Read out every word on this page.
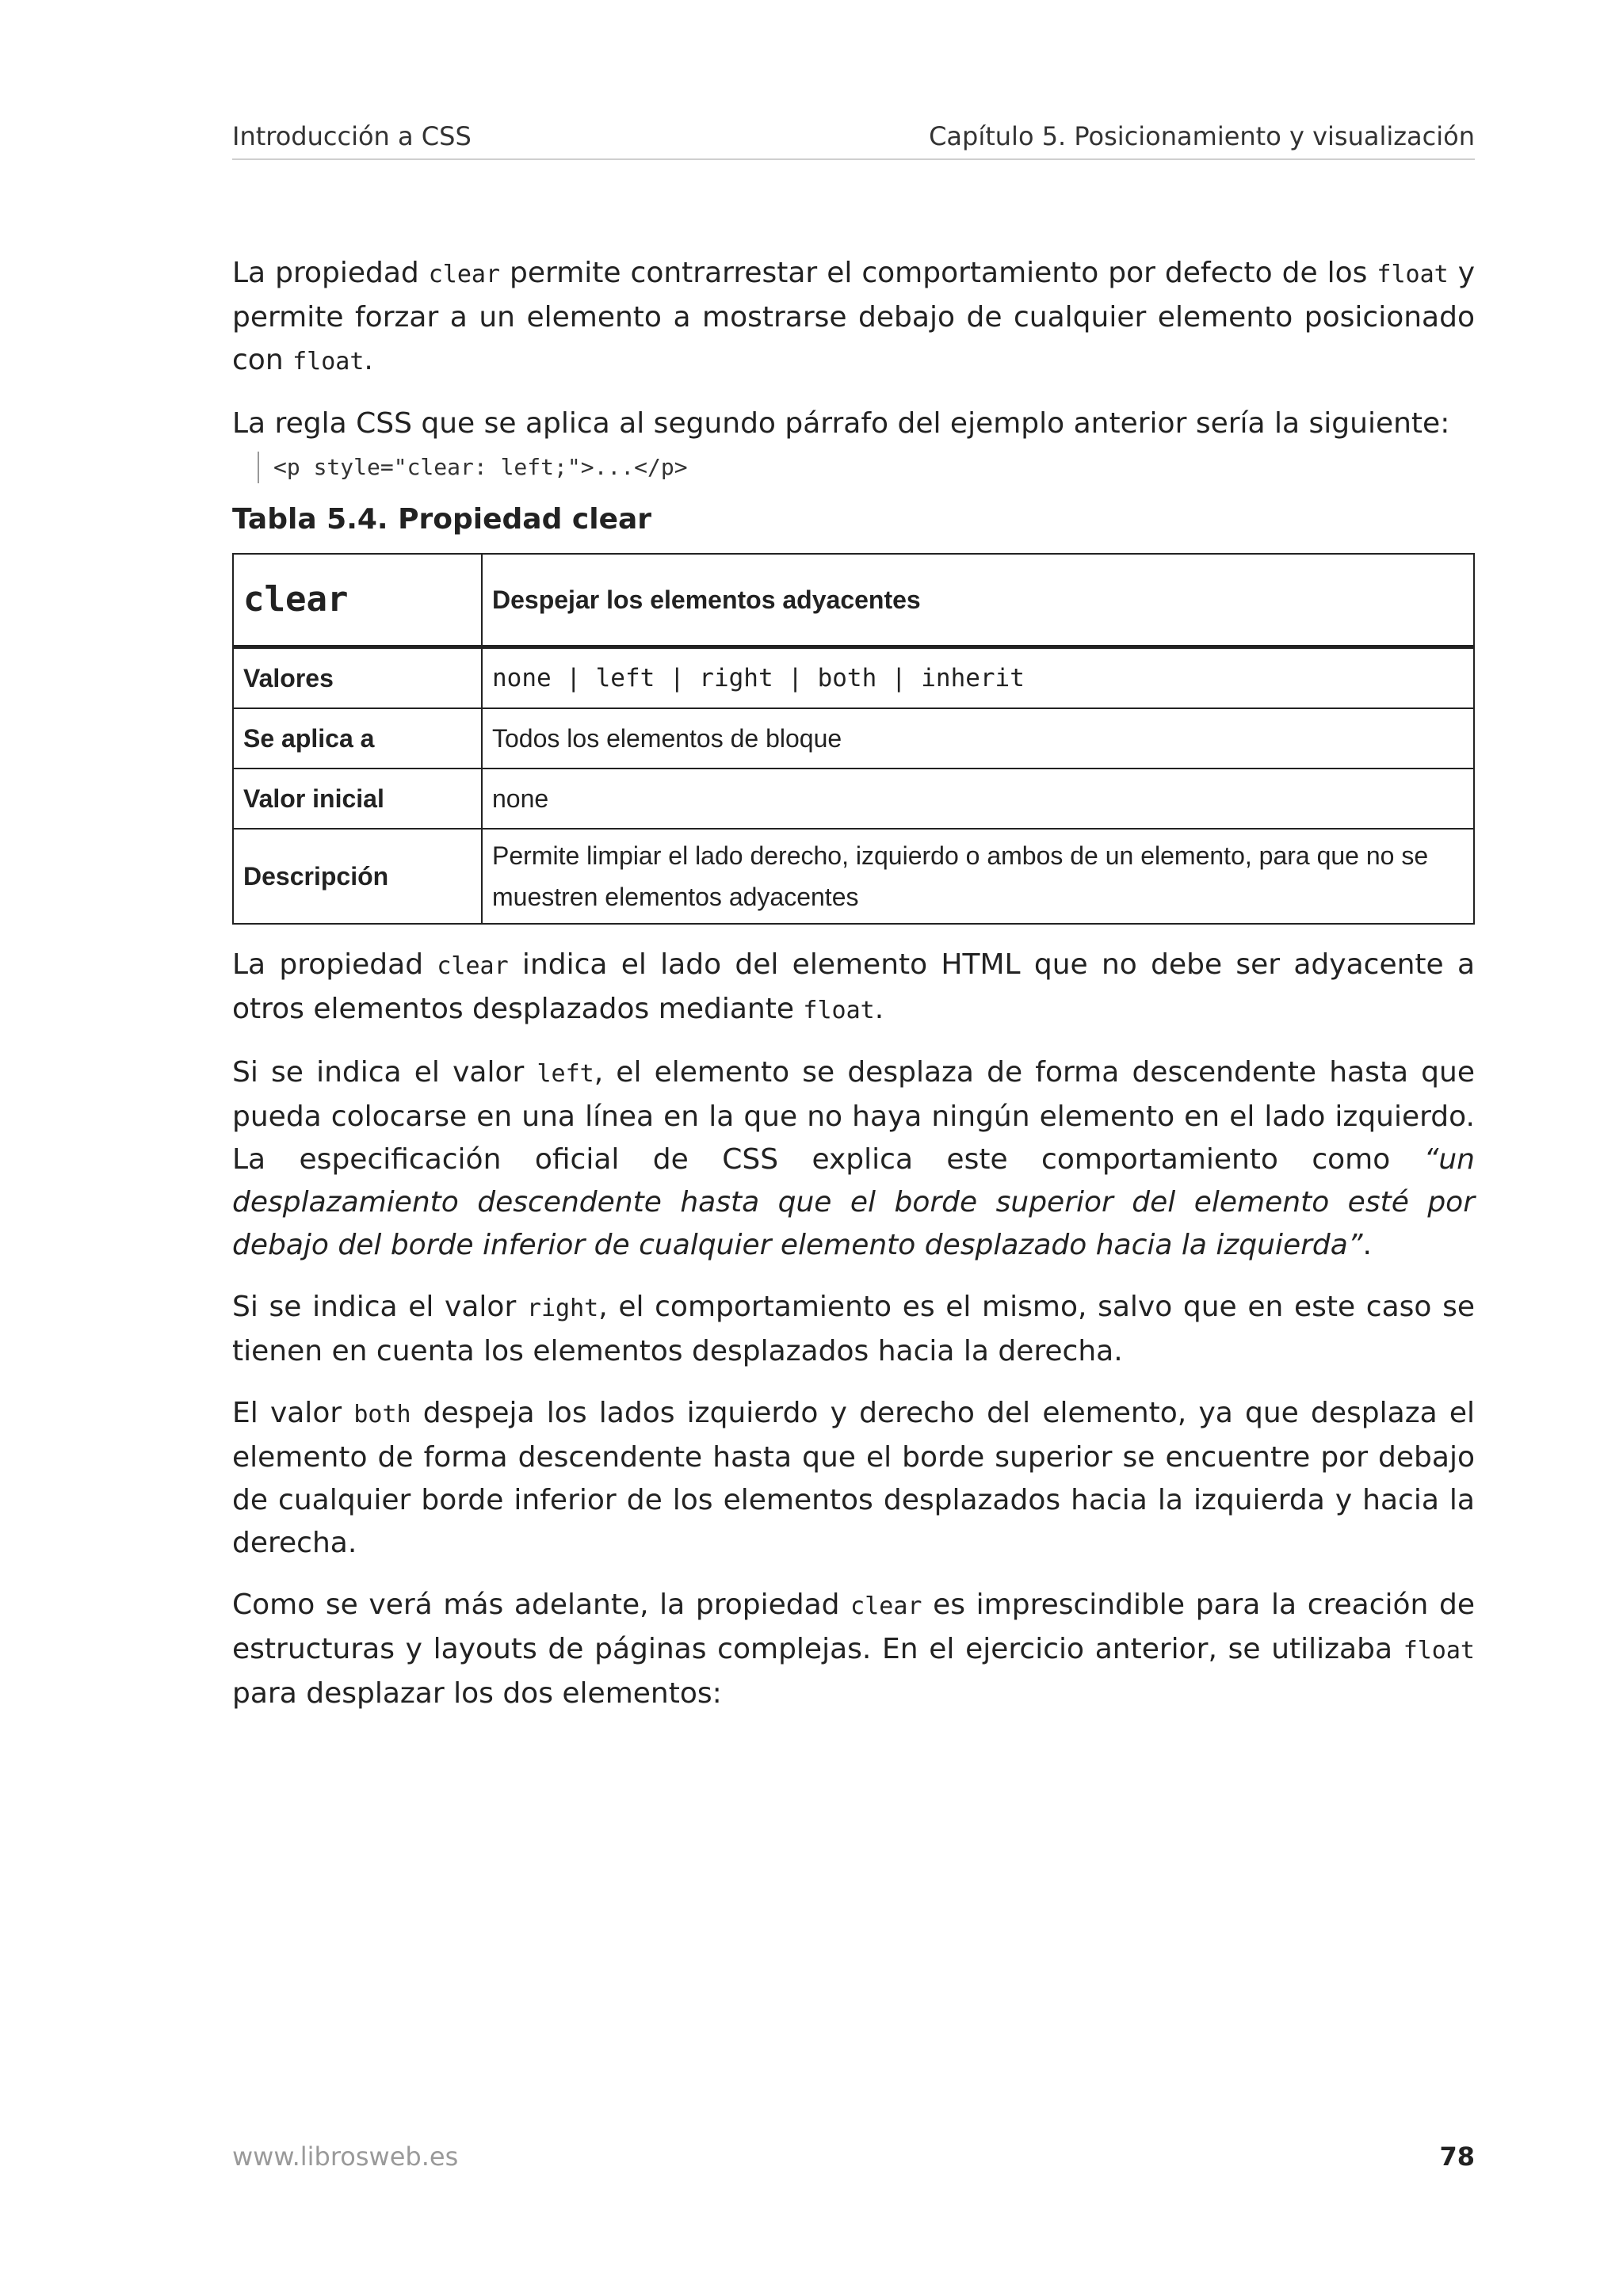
Introducción a CSS	Capítulo 5. Posicionamiento y visualización

La propiedad clear permite contrarrestar el comportamiento por defecto de los float y permite forzar a un elemento a mostrarse debajo de cualquier elemento posicionado con float.

La regla CSS que se aplica al segundo párrafo del ejemplo anterior sería la siguiente:

<p style="clear: left;">...</p>
Tabla 5.4. Propiedad clear
clear	Despejar los elementos adyacentes
Valores	none | left | right | both | inherit
Se aplica a	Todos los elementos de bloque
Valor inicial	none
Descripción	Permite limpiar el lado derecho, izquierdo o ambos de un elemento, para que no se muestren elementos adyacentes

La propiedad clear indica el lado del elemento HTML que no debe ser adyacente a otros elementos desplazados mediante float.

Si se indica el valor left, el elemento se desplaza de forma descendente hasta que pueda colocarse en una línea en la que no haya ningún elemento en el lado izquierdo. La especificación oficial de CSS explica este comportamiento como “un desplazamiento descendente hasta que el borde superior del elemento esté por debajo del borde inferior de cualquier elemento desplazado hacia la izquierda”.

Si se indica el valor right, el comportamiento es el mismo, salvo que en este caso se tienen en cuenta los elementos desplazados hacia la derecha.

El valor both despeja los lados izquierdo y derecho del elemento, ya que desplaza el elemento de forma descendente hasta que el borde superior se encuentre por debajo de cualquier borde inferior de los elementos desplazados hacia la izquierda y hacia la derecha.

Como se verá más adelante, la propiedad clear es imprescindible para la creación de estructuras y layouts de páginas complejas. En el ejercicio anterior, se utilizaba float para desplazar los dos elementos:

www.librosweb.es	78
